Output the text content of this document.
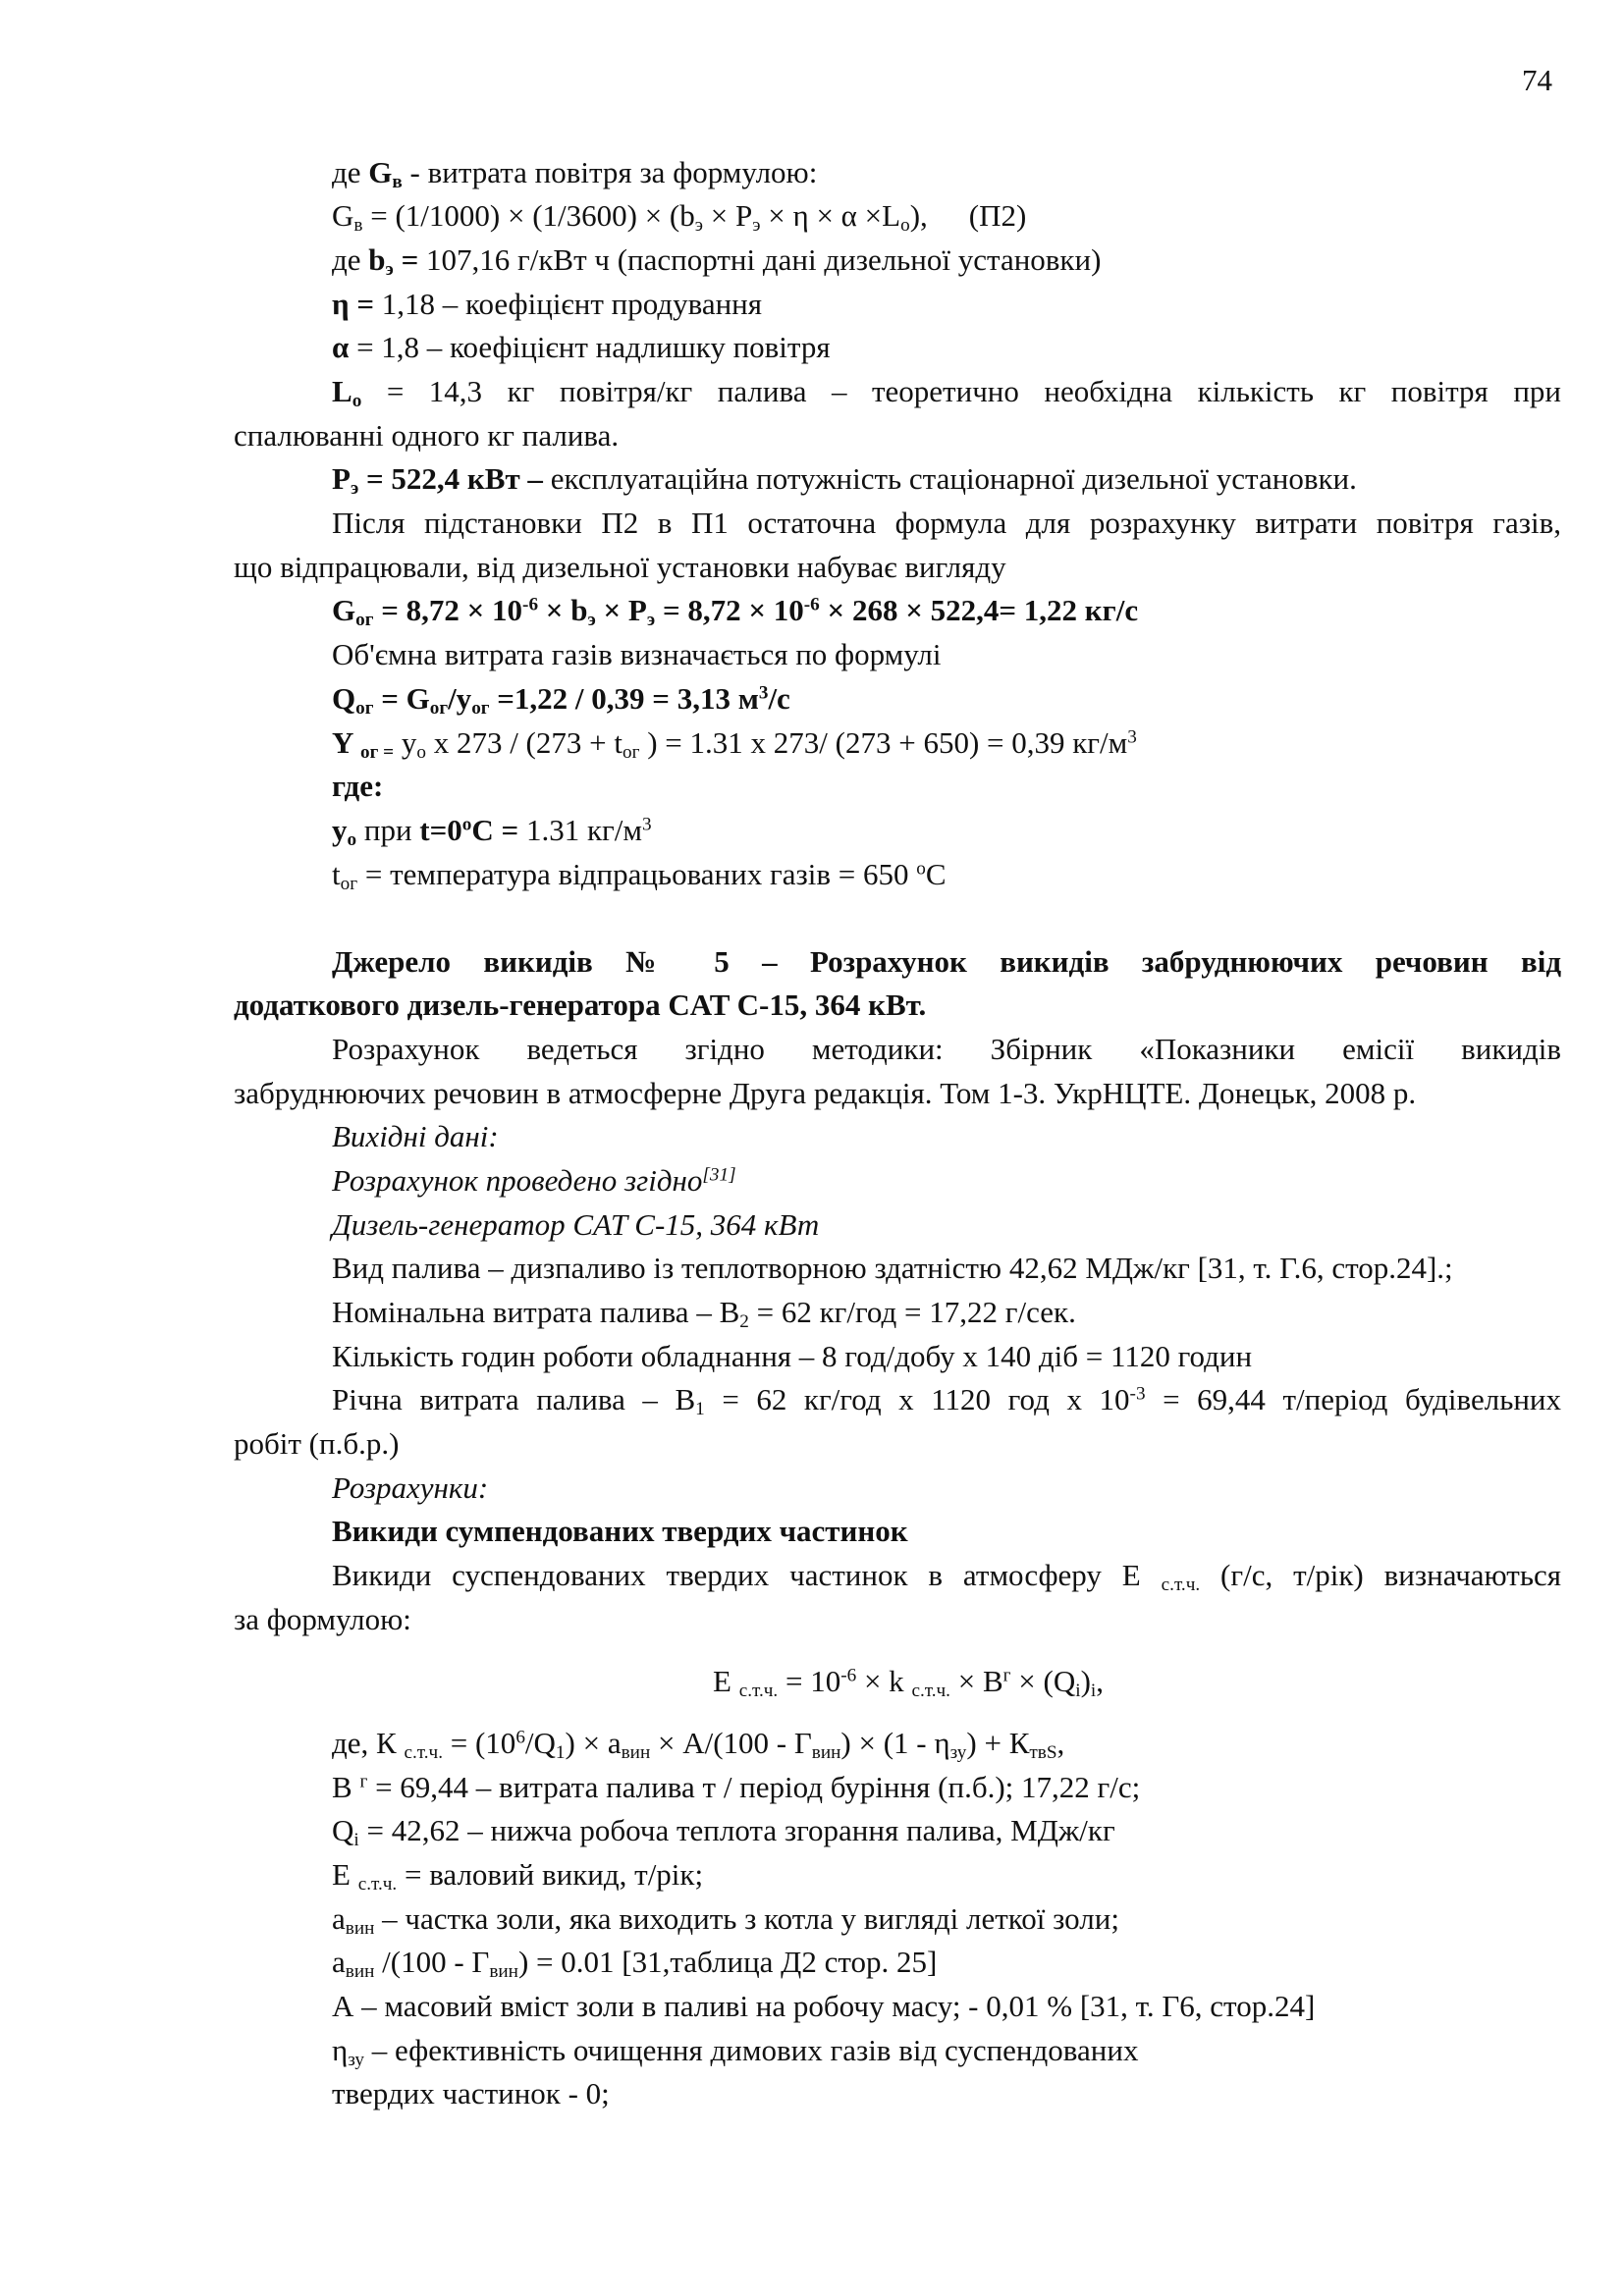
74
де $G_в$ - витрата повітря за формулою:
$G_в = (1/1000) \times (1/3600) \times (b_э \times P_э \times \eta \times \alpha \times L_o)$, (П2)
де $b_э = 107,16$ г/кВт ч (паспортні дані дизельної установки)
η = 1,18 – коефіцієнт продування
α = 1,8 – коефіцієнт надлишку повітря
$L_o = 14,3$ кг повітря/кг палива – теоретично необхідна кількість кг повітря при
спалюванні одного кг палива.
$P_э = 522,4$ кВт – експлуатаційна потужність стаціонарної дизельної установки.
Після підстановки П2 в П1 остаточна формула для розрахунку витрати повітря газів,
що відпрацювали, від дизельної установки набуває вигляду
$G_{ог} = 8,72 \times 10^{-6} \times b_э \times P_э = 8,72 \times 10^{-6} \times 268 \times 522,4= 1,22$ кг/с
Об'ємна витрата газів визначається по формулі
$Q_{ог} = G_{ог}/y_{ог} =1,22 / 0,39 = 3,13$ $м^3/с$
Y $_{ог =}$ $y_o$ x $273 / (273 + t_{ог}$ ) = 1.31 x 273/ (273 + 650) = 0,39 $кг/м^3$
где:
$y_o$ при $t=0^oC = 1.31$ $кг/м^3$
$t_{ог}$ = температура відпрацьованих газів = 650 $^o$C
Джерело викидів № 5 – Розрахунок викидів забруднюючих речовин від
додаткового дизель-генератора CAT C-15, 364 кВт.
Розрахунок ведеться згідно методики: Збірник «Показники емісії викидів
забруднюючих речовин в атмосферне Друга редакція. Том 1-3. УкрНЦТЕ. Донецьк, 2008 р.
Вихідні дані:
Розрахунок проведено згідно[31]
Дизель-генератор CAT C-15, 364 кВт
Вид палива – дизпаливо із теплотворною здатністю 42,62 МДж/кг [31, т. Г.6, стор.24].;
Номінальна витрата палива – $В_2 = 62$ кг/год = 17,22 г/сек.
Кількість годин роботи обладнання – 8 год/добу х 140 діб = 1120 годин
Річна витрата палива – $В_1 = 62$ кг/год х 1120 год х $10^{-3} = 69,44$ т/період будівельних
робіт (п.б.р.)
Розрахунки:
Викиди сумпендованих твердих частинок
Викиди суспендованих твердих частинок в атмосферу Е $_{с.т.ч.}$ (г/с, т/рік) визначаються
за формулою:
Е $_{с.т.ч.} = 10^{-6} \times k$ $_{с.т.ч.} \times В^г \times (Q_i)_i$,
де, К $_{с.т.ч.} = (10^6/Q_1) \times a_{вин} \times A/(100 - Г_{вин}) \times (1 - \eta_{зу}) + К_{твS}$,
В $^г$ = 69,44 – витрата палива т / період буріння (п.б.); 17,22 г/с;
$Q_i = 42,62$ – нижча робоча теплота згорання палива, МДж/кг
Е $_{с.т.ч.}$ = валовий викид, т/рік;
$a_{вин}$ – частка золи, яка виходить з котла у вигляді леткої золи;
$a_{вин}$ $/(100 - Г_{вин}) = 0.01$ [31,таблица Д2 стор. 25]
А – масовий вміст золи в паливі на робочу масу; - 0,01 % [31, т. Г6, стор.24]
$\eta_{зу}$ – ефективність очищення димових газів від суспендованих
твердих частинок - 0;
